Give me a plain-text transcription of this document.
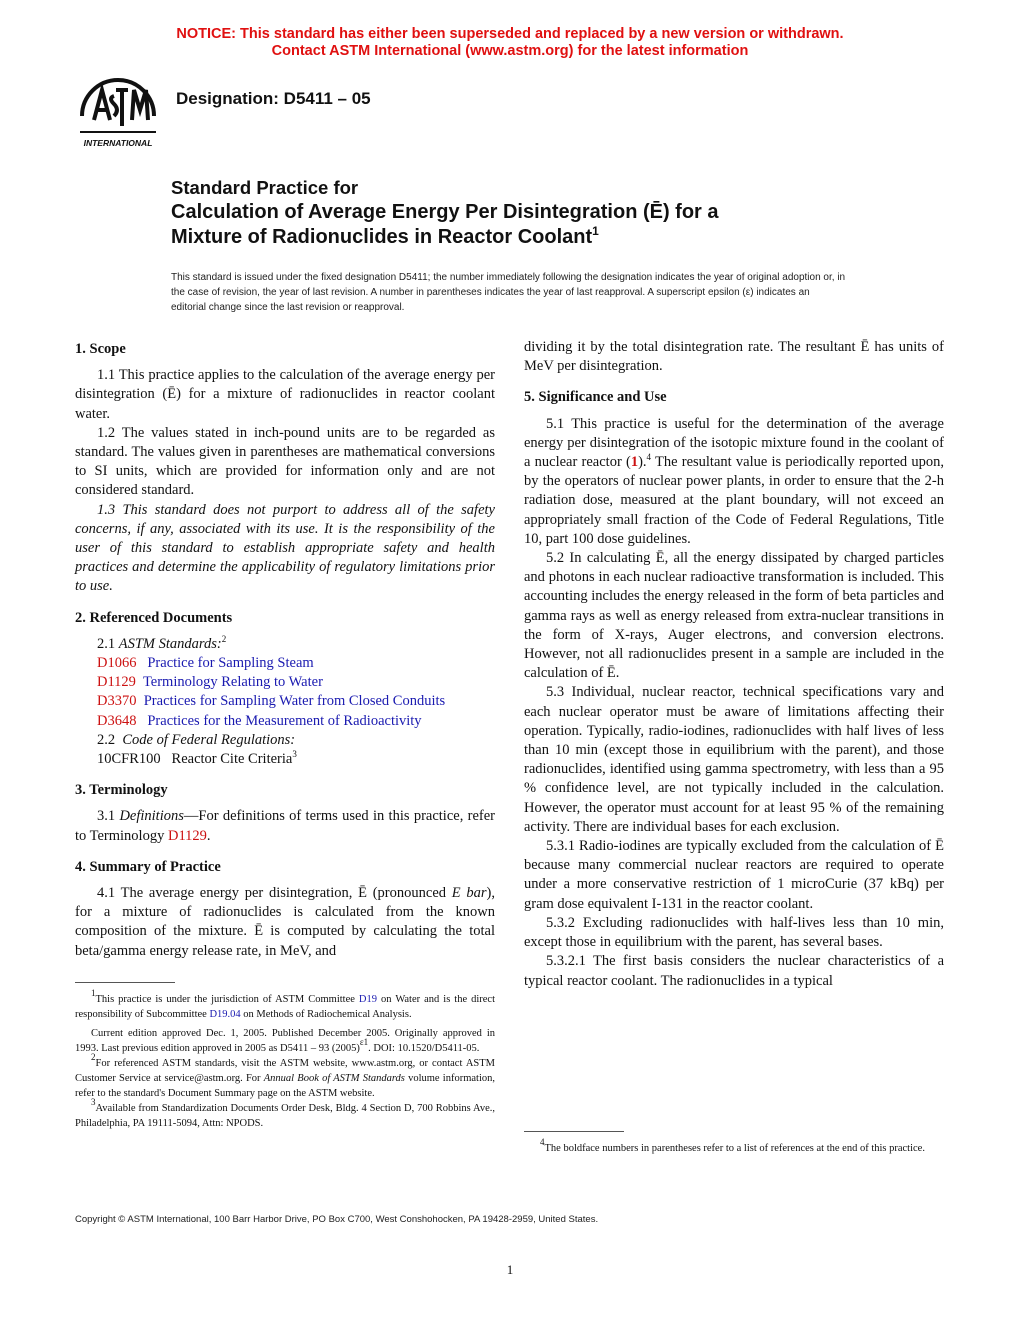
NOTICE: This standard has either been superseded and replaced by a new version or withdrawn.
Contact ASTM International (www.astm.org) for the latest information
INTERNATIONAL
Designation: D5411 – 05
Standard Practice for
Calculation of Average Energy Per Disintegration (Ē) for a
Mixture of Radionuclides in Reactor Coolant$^1$
This standard is issued under the fixed designation D5411; the number immediately following the designation indicates the year of original adoption or, in the case of revision, the year of last revision. A number in parentheses indicates the year of last reapproval. A superscript epsilon (ε) indicates an editorial change since the last revision or reapproval.
1. Scope

1.1 This practice applies to the calculation of the average energy per disintegration (Ē) for a mixture of radionuclides in reactor coolant water.

1.2 The values stated in inch-pound units are to be regarded as standard. The values given in parentheses are mathematical conversions to SI units, which are provided for information only and are not considered standard.

1.3 This standard does not purport to address all of the safety concerns, if any, associated with its use. It is the responsibility of the user of this standard to establish appropriate safety and health practices and determine the applicability of regulatory limitations prior to use.

2. Referenced Documents

2.1 ASTM Standards:$^2$

D1066 Practice for Sampling Steam

D1129 Terminology Relating to Water

D3370 Practices for Sampling Water from Closed Conduits

D3648 Practices for the Measurement of Radioactivity

2.2 Code of Federal Regulations:

10CFR100 Reactor Cite Criteria$^3$

3. Terminology

3.1 Definitions—For definitions of terms used in this practice, refer to Terminology D1129.

4. Summary of Practice

4.1 The average energy per disintegration, Ē (pronounced E bar), for a mixture of radionuclides is calculated from the known composition of the mixture. Ē is computed by calculating the total beta/gamma energy release rate, in MeV, and

$^1$This practice is under the jurisdiction of ASTM Committee D19 on Water and is the direct responsibility of Subcommittee D19.04 on Methods of Radiochemical Analysis.

Current edition approved Dec. 1, 2005. Published December 2005. Originally approved in 1993. Last previous edition approved in 2005 as D5411 – 93 $(2005)^{\varepsilon 1}$. DOI: 10.1520/D5411-05.

$^2$For referenced ASTM standards, visit the ASTM website, www.astm.org, or contact ASTM Customer Service at service@astm.org. For Annual Book of ASTM Standards volume information, refer to the standard's Document Summary page on the ASTM website.

$^3$Available from Standardization Documents Order Desk, Bldg. 4 Section D, 700 Robbins Ave., Philadelphia, PA 19111-5094, Attn: NPODS.

dividing it by the total disintegration rate. The resultant Ē has units of MeV per disintegration.

5. Significance and Use

5.1 This practice is useful for the determination of the average energy per disintegration of the isotopic mixture found in the coolant of a nuclear reactor (1).$^4$ The resultant value is periodically reported upon, by the operators of nuclear power plants, in order to ensure that the 2-h radiation dose, measured at the plant boundary, will not exceed an appropriately small fraction of the Code of Federal Regulations, Title 10, part 100 dose guidelines.

5.2 In calculating Ē, all the energy dissipated by charged particles and photons in each nuclear radioactive transformation is included. This accounting includes the energy released in the form of beta particles and gamma rays as well as energy released from extra-nuclear transitions in the form of X-rays, Auger electrons, and conversion electrons. However, not all radionuclides present in a sample are included in the calculation of Ē.

5.3 Individual, nuclear reactor, technical specifications vary and each nuclear operator must be aware of limitations affecting their operation. Typically, radio-iodines, radionuclides with half lives of less than 10 min (except those in equilibrium with the parent), and those radionuclides, identified using gamma spectrometry, with less than a 95 % confidence level, are not typically included in the calculation. However, the operator must account for at least 95 % of the remaining activity. There are individual bases for each exclusion.

5.3.1 Radio-iodines are typically excluded from the calculation of Ē because many commercial nuclear reactors are required to operate under a more conservative restriction of 1 microCurie (37 kBq) per gram dose equivalent I-131 in the reactor coolant.

5.3.2 Excluding radionuclides with half-lives less than 10 min, except those in equilibrium with the parent, has several bases.

5.3.2.1 The first basis considers the nuclear characteristics of a typical reactor coolant. The radionuclides in a typical

$^4$The boldface numbers in parentheses refer to a list of references at the end of this practice.

Copyright © ASTM International, 100 Barr Harbor Drive, PO Box C700, West Conshohocken, PA 19428-2959, United States.
1
